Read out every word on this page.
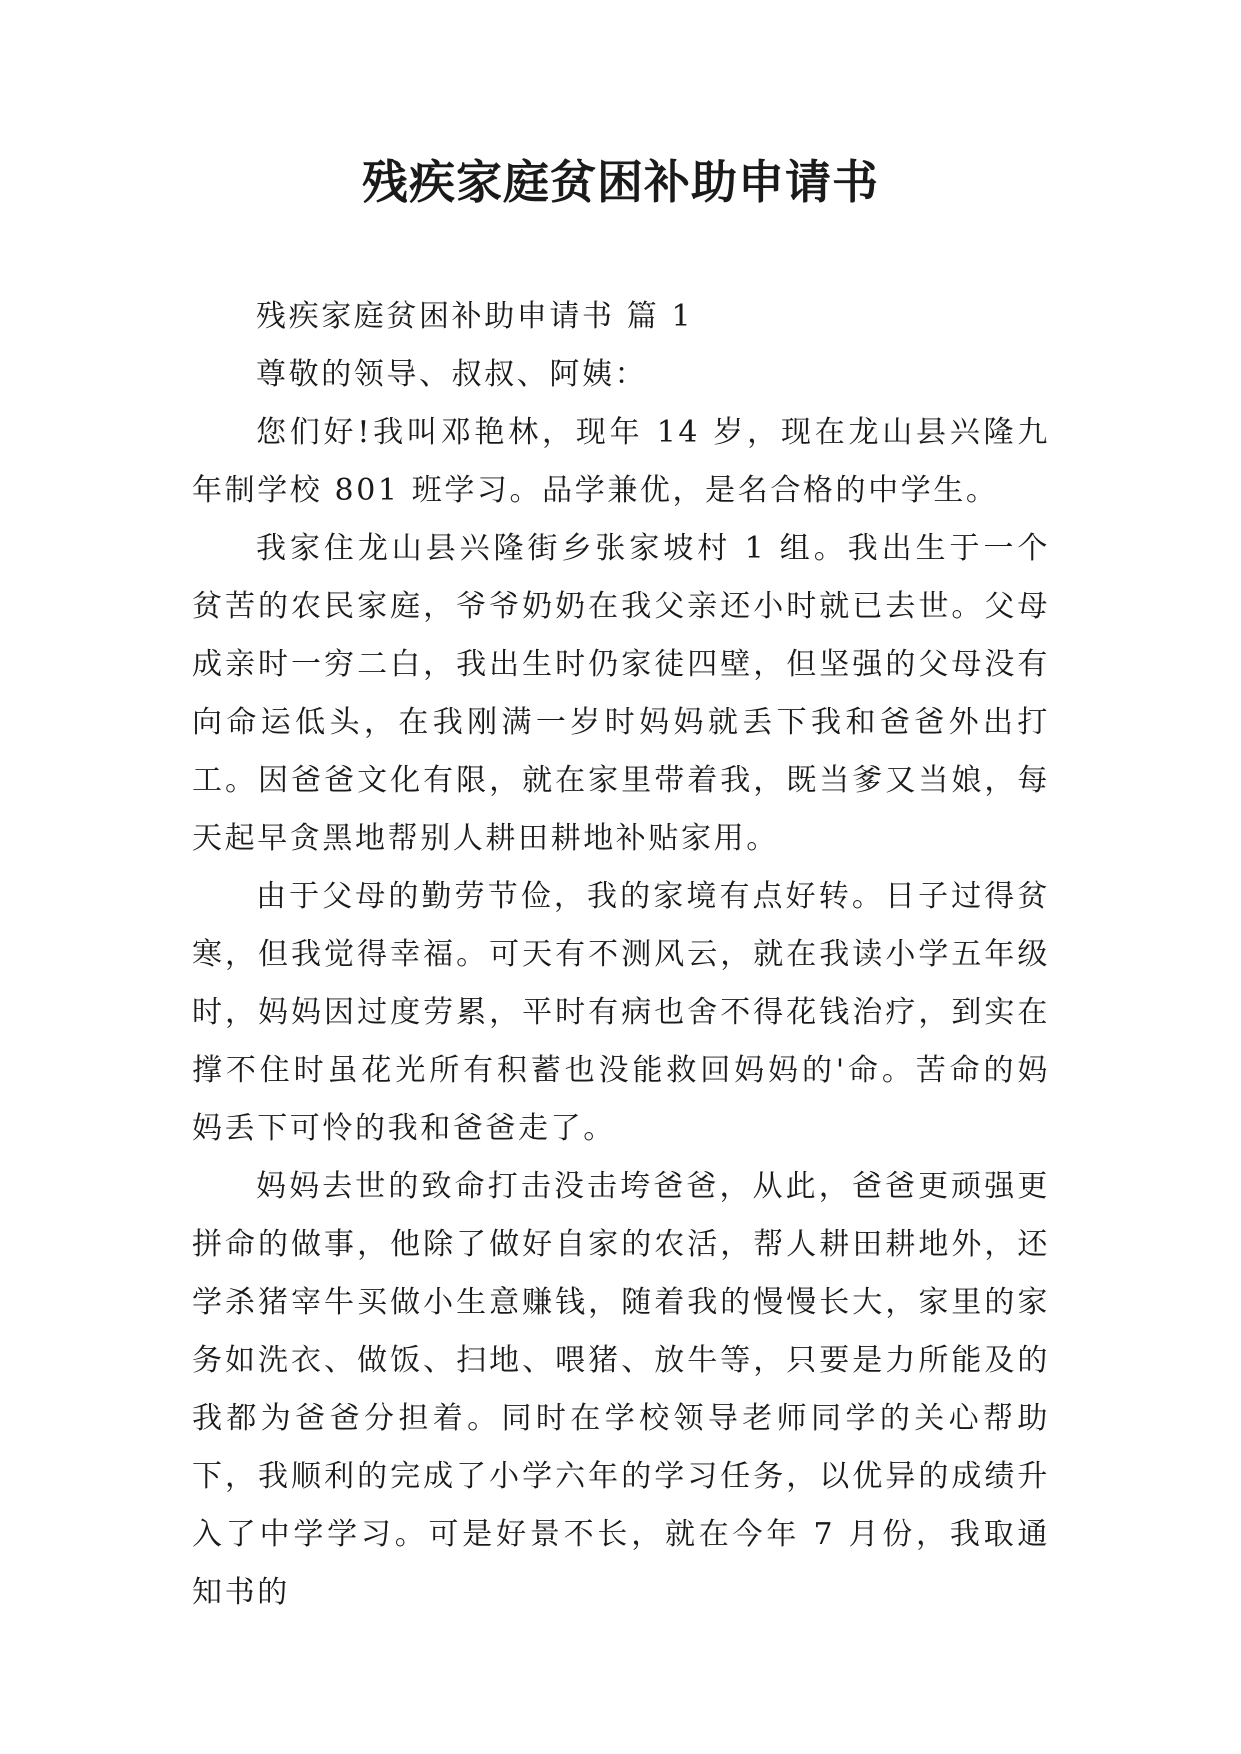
残疾家庭贫困补助申请书

残疾家庭贫困补助申请书 篇 1

尊敬的领导、叔叔、阿姨：

您们好!我叫邓艳林，现年 14 岁，现在龙山县兴隆九年制学校 801 班学习。品学兼优，是名合格的中学生。

我家住龙山县兴隆街乡张家坡村 1 组。我出生于一个贫苦的农民家庭，爷爷奶奶在我父亲还小时就已去世。父母成亲时一穷二白，我出生时仍家徒四壁，但坚强的父母没有向命运低头，在我刚满一岁时妈妈就丢下我和爸爸外出打工。因爸爸文化有限，就在家里带着我，既当爹又当娘，每天起早贪黑地帮别人耕田耕地补贴家用。

由于父母的勤劳节俭，我的家境有点好转。日子过得贫寒，但我觉得幸福。可天有不测风云，就在我读小学五年级时，妈妈因过度劳累，平时有病也舍不得花钱治疗，到实在撑不住时虽花光所有积蓄也没能救回妈妈的'命。苦命的妈妈丢下可怜的我和爸爸走了。

妈妈去世的致命打击没击垮爸爸，从此，爸爸更顽强更拼命的做事，他除了做好自家的农活，帮人耕田耕地外，还学杀猪宰牛买做小生意赚钱，随着我的慢慢长大，家里的家务如洗衣、做饭、扫地、喂猪、放牛等，只要是力所能及的我都为爸爸分担着。同时在学校领导老师同学的关心帮助下，我顺利的完成了小学六年的学习任务，以优异的成绩升入了中学学习。可是好景不长，就在今年 7 月份，我取通知书的
